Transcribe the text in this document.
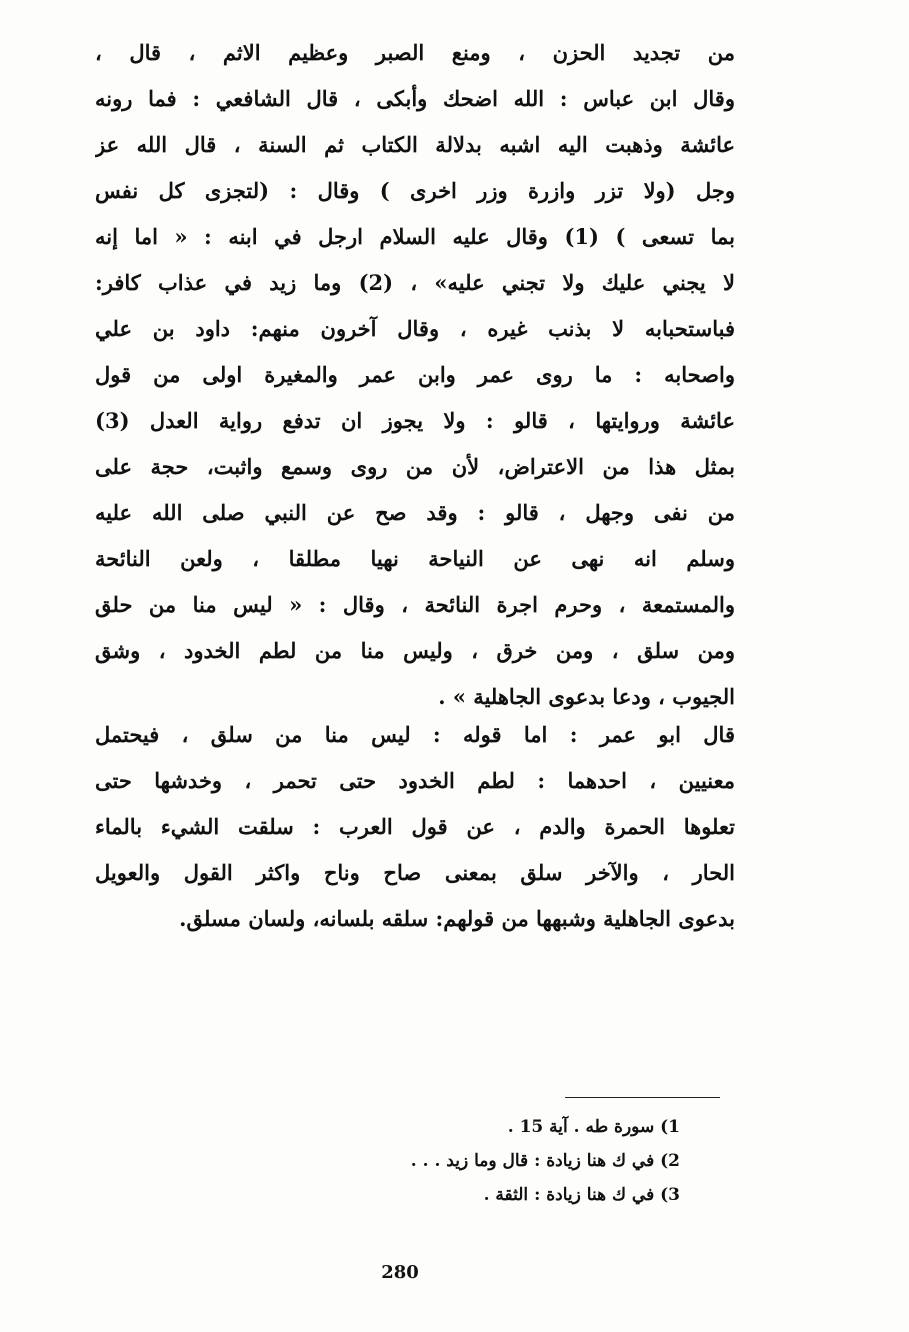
من تجديد الحزن ، ومنع الصبر وعظيم الاثم ، قال ،
وقال ابن عباس : الله اضحك وأبكى ، قال الشافعي : فما رونه
عائشة وذهبت اليه اشبه بدلالة الكتاب ثم السنة ، قال الله عز
وجل (ولا تزر وازرة وزر اخرى ) وقال : (لتجزى كل نفس
بما تسعى ) (1) وقال عليه السلام ارجل في ابنه : « اما إنه
لا يجني عليك ولا تجني عليه» ، (2) وما زيد في عذاب كافر:
فباستحبابه لا بذنب غيره ، وقال آخرون منهم: داود بن علي
واصحابه : ما روى عمر وابن عمر والمغيرة اولى من قول
عائشة وروايتها ، قالو : ولا يجوز ان تدفع رواية العدل (3)
بمثل هذا من الاعتراض، لأن من روى وسمع واثبت، حجة على
من نفى وجهل ، قالو : وقد صح عن النبي صلى الله عليه
وسلم انه نهى عن النياحة نهيا مطلقا ، ولعن النائحة
والمستمعة ، وحرم اجرة النائحة ، وقال : « ليس منا من حلق
ومن سلق ، ومن خرق ، وليس منا من لطم الخدود ، وشق
الجيوب ، ودعا بدعوى الجاهلية » .
قال ابو عمر : اما قوله : ليس منا من سلق ، فيحتمل
معنيين ، احدهما : لطم الخدود حتى تحمر ، وخدشها حتى
تعلوها الحمرة والدم ، عن قول العرب : سلقت الشيء بالماء
الحار ، والآخر سلق بمعنى صاح وناح واكثر القول والعويل
بدعوى الجاهلية وشبهها من قولهم: سلقه بلسانه، ولسان مسلق.
1) سورة طه . آية 15 .
2) في ك هنا زيادة : قال وما زيد . . .
3) في ك هنا زيادة : الثقة .
280
